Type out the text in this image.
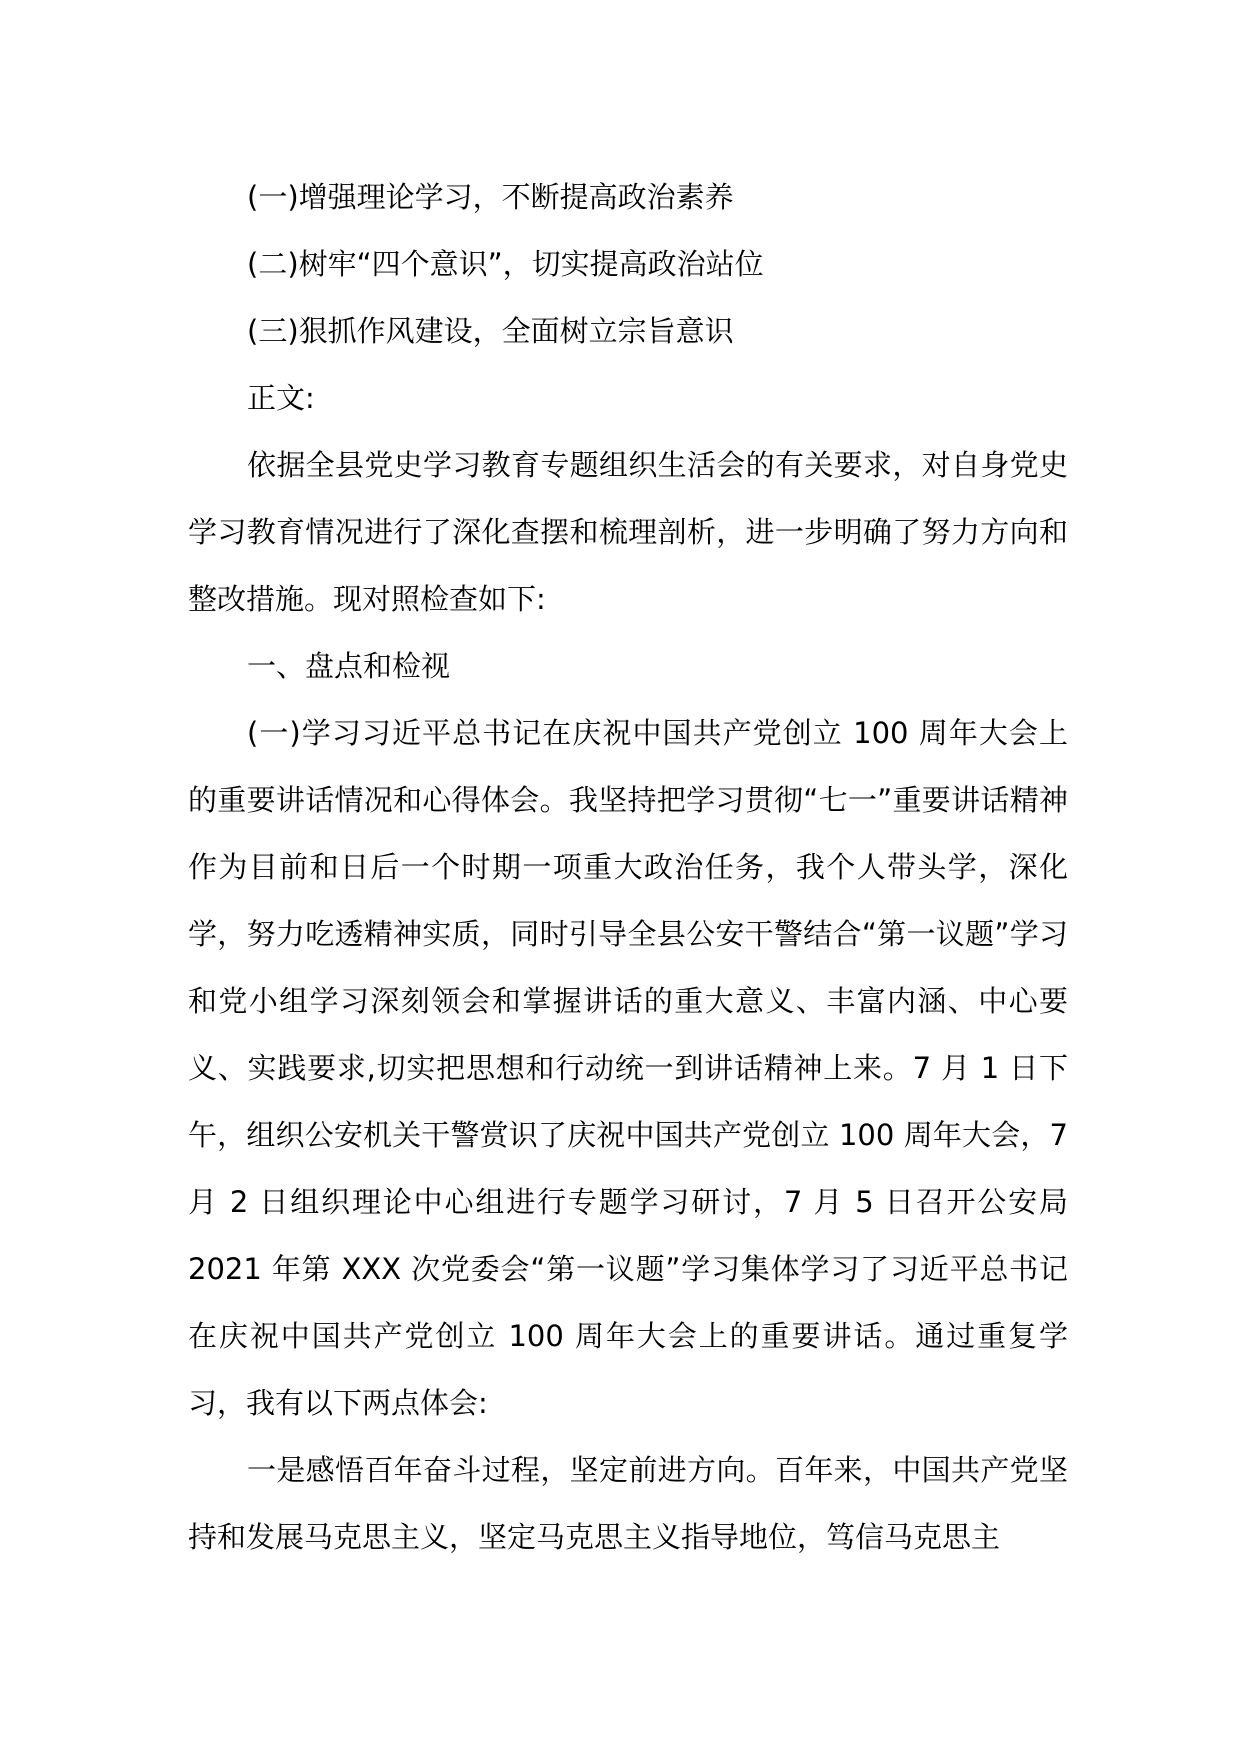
(一)增强理论学习，不断提高政治素养

(二)树牢“四个意识”，切实提高政治站位

(三)狠抓作风建设，全面树立宗旨意识

正文:

依据全县党史学习教育专题组织生活会的有关要求，对自身党史学习教育情况进行了深化查摆和梳理剖析，进一步明确了努力方向和整改措施。现对照检查如下:

一、盘点和检视

(一)学习习近平总书记在庆祝中国共产党创立 100 周年大会上的重要讲话情况和心得体会。我坚持把学习贯彻“七一”重要讲话精神作为目前和日后一个时期一项重大政治任务，我个人带头学，深化学，努力吃透精神实质，同时引导全县公安干警结合“第一议题”学习和党小组学习深刻领会和掌握讲话的重大意义、丰富内涵、中心要义、实践要求,切实把思想和行动统一到讲话精神上来。7 月 1 日下午，组织公安机关干警赏识了庆祝中国共产党创立 100 周年大会，7 月 2 日组织理论中心组进行专题学习研讨，7 月 5 日召开公安局 2021 年第 XXX 次党委会“第一议题”学习集体学习了习近平总书记在庆祝中国共产党创立 100 周年大会上的重要讲话。通过重复学习，我有以下两点体会:

一是感悟百年奋斗过程，坚定前进方向。百年来，中国共产党坚持和发展马克思主义，坚定马克思主义指导地位，笃信马克思主
